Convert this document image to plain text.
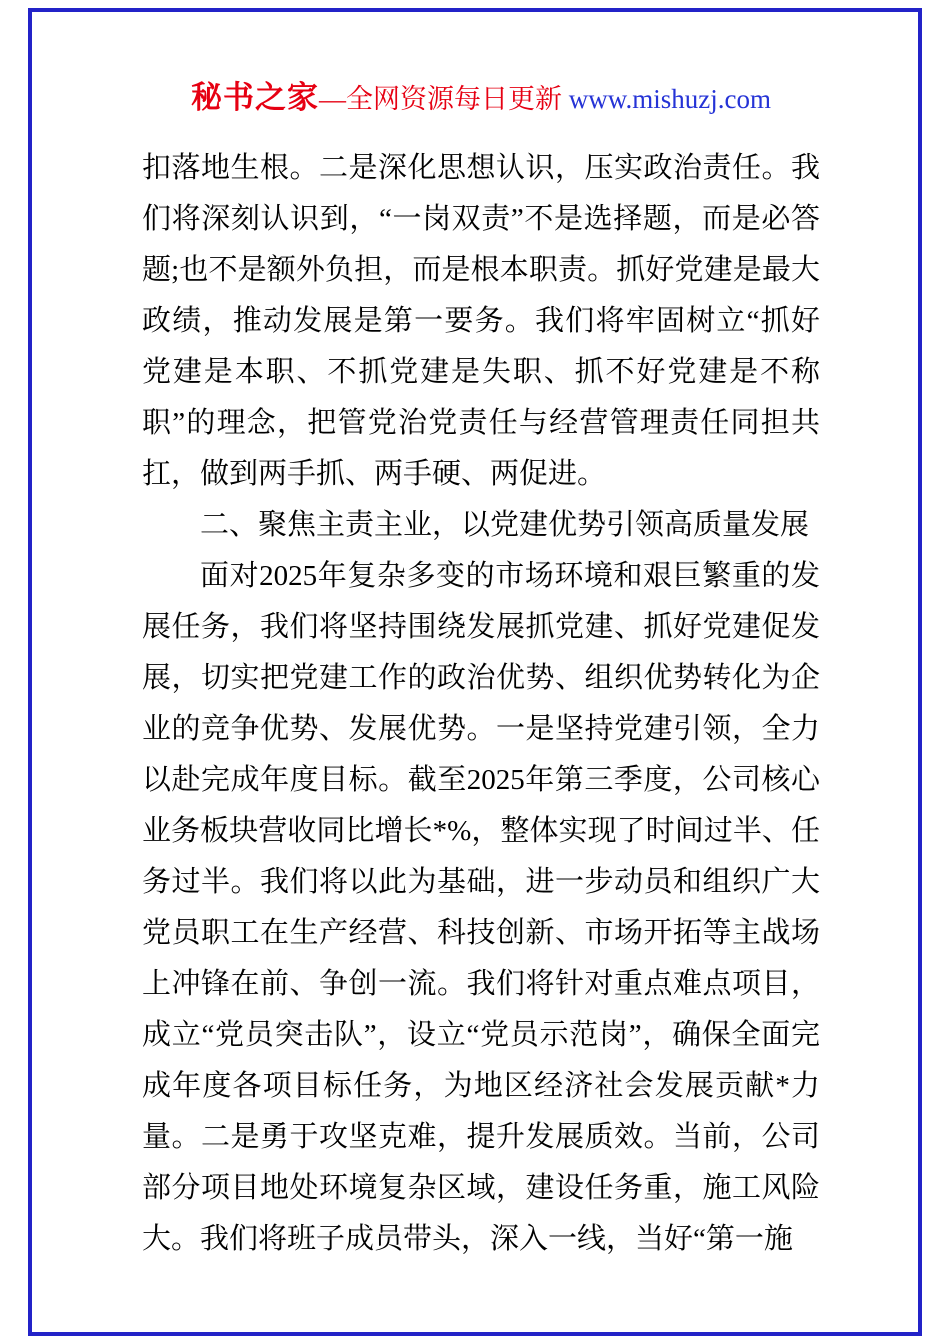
秘书之家—全网资源每日更新 www.mishuzj.com

扣落地生根。二是深化思想认识，压实政治责任。我们将深刻认识到，“一岗双责”不是选择题，而是必答题;也不是额外负担，而是根本职责。抓好党建是最大政绩，推动发展是第一要务。我们将牢固树立“抓好党建是本职、不抓党建是失职、抓不好党建是不称职”的理念，把管党治党责任与经营管理责任同担共扛，做到两手抓、两手硬、两促进。

二、聚焦主责主业，以党建优势引领高质量发展

面对2025年复杂多变的市场环境和艰巨繁重的发展任务，我们将坚持围绕发展抓党建、抓好党建促发展，切实把党建工作的政治优势、组织优势转化为企业的竞争优势、发展优势。一是坚持党建引领，全力以赴完成年度目标。截至2025年第三季度，公司核心业务板块营收同比增长*%，整体实现了时间过半、任务过半。我们将以此为基础，进一步动员和组织广大党员职工在生产经营、科技创新、市场开拓等主战场上冲锋在前、争创一流。我们将针对重点难点项目，成立“党员突击队”，设立“党员示范岗”，确保全面完成年度各项目标任务，为地区经济社会发展贡献*力量。二是勇于攻坚克难，提升发展质效。当前，公司部分项目地处环境复杂区域，建设任务重，施工风险大。我们将班子成员带头，深入一线，当好“第一施
